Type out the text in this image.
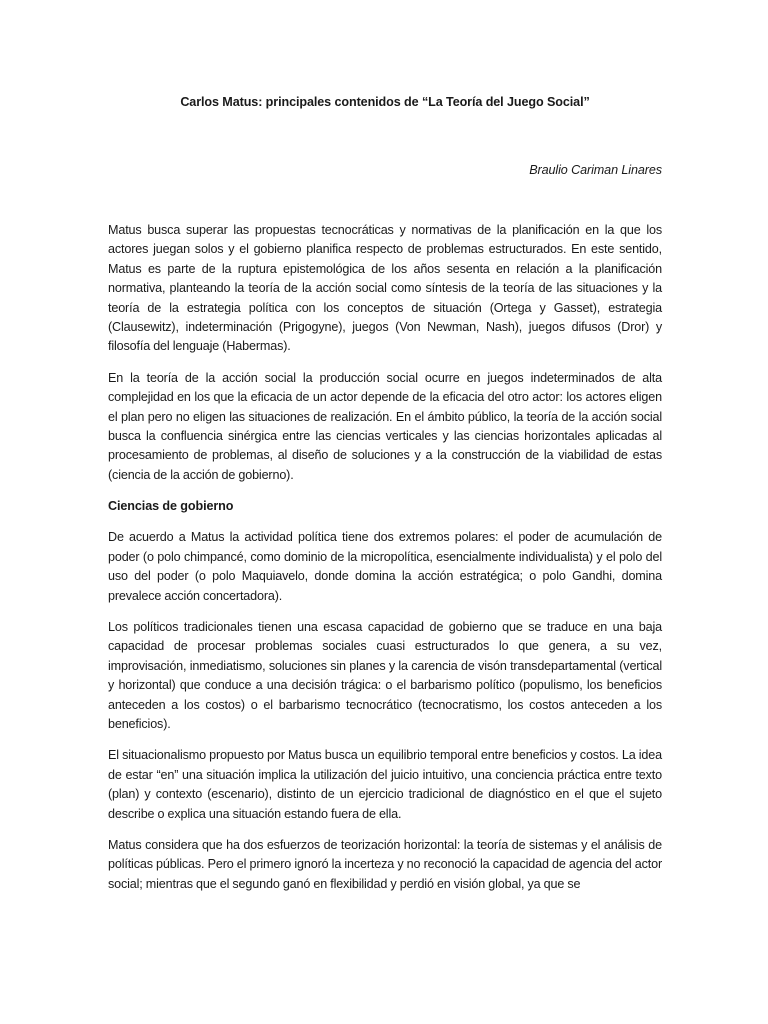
Carlos Matus: principales contenidos de “La Teoría del Juego Social”

Braulio Cariman Linares

Matus busca superar las propuestas tecnocráticas y normativas de la planificación en la que los actores juegan solos y el gobierno planifica respecto de problemas estructurados. En este sentido, Matus es parte de la ruptura epistemológica de los años sesenta en relación a la planificación normativa, planteando la teoría de la acción social como síntesis de la teoría de las situaciones y la teoría de la estrategia política con los conceptos de situación (Ortega y Gasset), estrategia (Clausewitz), indeterminación (Prigogyne), juegos (Von Newman, Nash), juegos difusos (Dror) y filosofía del lenguaje (Habermas).

En la teoría de la acción social la producción social ocurre en juegos indeterminados de alta complejidad en los que la eficacia de un actor depende de la eficacia del otro actor: los actores eligen el plan pero no eligen las situaciones de realización. En el ámbito público, la teoría de la acción social busca la confluencia sinérgica entre las ciencias verticales y las ciencias horizontales aplicadas al procesamiento de problemas, al diseño de soluciones y a la construcción de la viabilidad de estas (ciencia de la acción de gobierno).

Ciencias de gobierno

De acuerdo a Matus la actividad política tiene dos extremos polares: el poder de acumulación de poder (o polo chimpancé, como dominio de la micropolítica, esencialmente individualista) y el polo del uso del poder (o polo Maquiavelo, donde domina la acción estratégica; o polo Gandhi, domina prevalece acción concertadora).

Los políticos tradicionales tienen una escasa capacidad de gobierno que se traduce en una baja capacidad de procesar problemas sociales cuasi estructurados lo que genera, a su vez, improvisación, inmediatismo, soluciones sin planes y la carencia de visón transdepartamental (vertical y horizontal) que conduce a una decisión trágica: o el barbarismo político (populismo, los beneficios anteceden a los costos) o el barbarismo tecnocrático (tecnocratismo, los costos anteceden a los beneficios).

El situacionalismo propuesto por Matus busca un equilibrio temporal entre beneficios y costos. La idea de estar “en” una situación implica la utilización del juicio intuitivo, una conciencia práctica entre texto (plan) y contexto (escenario), distinto de un ejercicio tradicional de diagnóstico en el que el sujeto describe o explica una situación estando fuera de ella.

Matus considera que ha dos esfuerzos de teorización horizontal: la teoría de sistemas y el análisis de políticas públicas. Pero el primero ignoró la incerteza y no reconoció la capacidad de agencia del actor social; mientras que el segundo ganó en flexibilidad y perdió en visión global, ya que se
